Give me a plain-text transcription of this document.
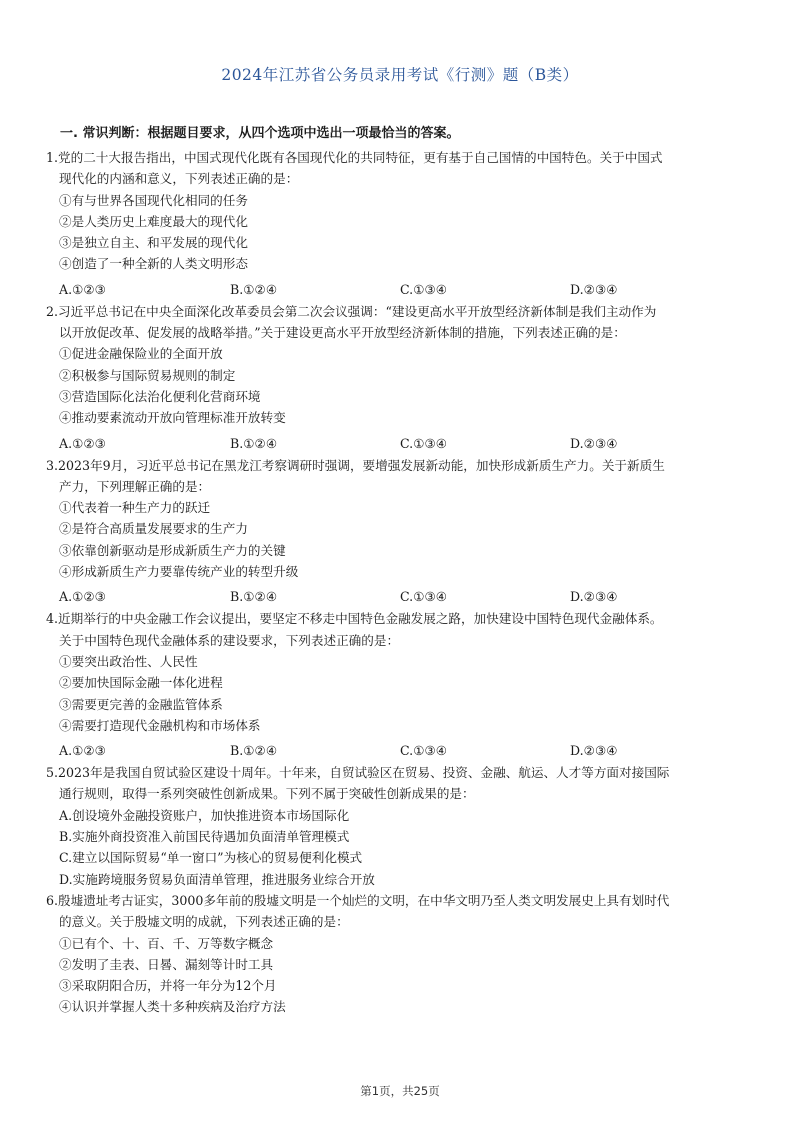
2024年江苏省公务员录用考试《行测》题（B类）
一. 常识判断：根据题目要求，从四个选项中选出一项最恰当的答案。
1.党的二十大报告指出，中国式现代化既有各国现代化的共同特征，更有基于自己国情的中国特色。关于中国式
现代化的内涵和意义，下列表述正确的是：
①有与世界各国现代化相同的任务
②是人类历史上难度最大的现代化
③是独立自主、和平发展的现代化
④创造了一种全新的人类文明形态
A.①②③	B.①②④	C.①③④	D.②③④
2.习近平总书记在中央全面深化改革委员会第二次会议强调：“建设更高水平开放型经济新体制是我们主动作为
以开放促改革、促发展的战略举措。”关于建设更高水平开放型经济新体制的措施，下列表述正确的是：
①促进金融保险业的全面开放
②积极参与国际贸易规则的制定
③营造国际化法治化便利化营商环境
④推动要素流动开放向管理标准开放转变
A.①②③	B.①②④	C.①③④	D.②③④
3.2023年9月，习近平总书记在黑龙江考察调研时强调，要增强发展新动能，加快形成新质生产力。关于新质生
产力，下列理解正确的是：
①代表着一种生产力的跃迁
②是符合高质量发展要求的生产力
③依靠创新驱动是形成新质生产力的关键
④形成新质生产力要靠传统产业的转型升级
A.①②③	B.①②④	C.①③④	D.②③④
4.近期举行的中央金融工作会议提出，要坚定不移走中国特色金融发展之路，加快建设中国特色现代金融体系。
关于中国特色现代金融体系的建设要求，下列表述正确的是：
①要突出政治性、人民性
②要加快国际金融一体化进程
③需要更完善的金融监管体系
④需要打造现代金融机构和市场体系
A.①②③	B.①②④	C.①③④	D.②③④
5.2023年是我国自贸试验区建设十周年。十年来，自贸试验区在贸易、投资、金融、航运、人才等方面对接国际
通行规则，取得一系列突破性创新成果。下列不属于突破性创新成果的是：
A.创设境外金融投资账户，加快推进资本市场国际化
B.实施外商投资准入前国民待遇加负面清单管理模式
C.建立以国际贸易“单一窗口”为核心的贸易便利化模式
D.实施跨境服务贸易负面清单管理，推进服务业综合开放
6.殷墟遗址考古证实，3000多年前的殷墟文明是一个灿烂的文明，在中华文明乃至人类文明发展史上具有划时代
的意义。关于殷墟文明的成就，下列表述正确的是：
①已有个、十、百、千、万等数字概念
②发明了圭表、日晷、漏刻等计时工具
③采取阴阳合历，并将一年分为12个月
④认识并掌握人类十多种疾病及治疗方法
第1页，共25页
